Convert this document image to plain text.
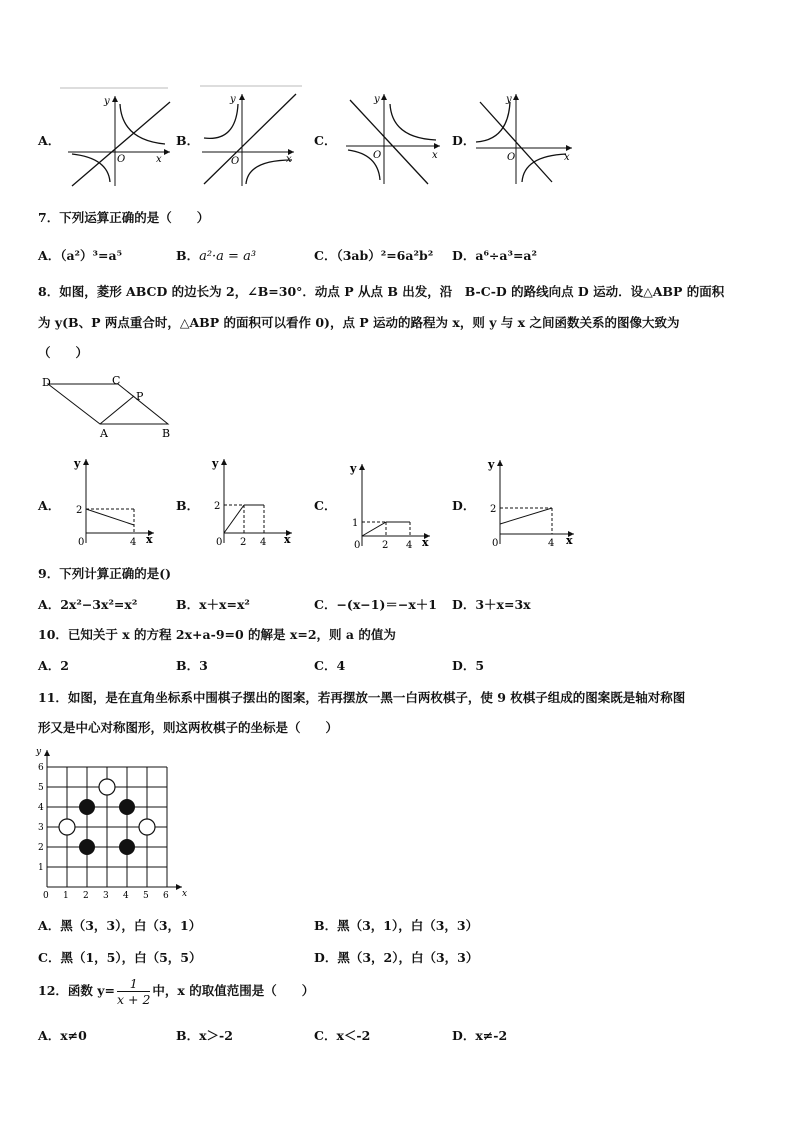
A．	B．	C．	D．
y
x
O
y
x
O
y
x
O
y
x
O
7．下列运算正确的是（　　）
A．（a²）³=a⁵	B．a²·a = a³	C．（3ab）²=6a²b² D．a⁶÷a³=a²
8．如图，菱形 ABCD 的边长为 2，∠B=30°．动点 P 从点 B 出发，沿　B-C-D 的路线向点 D 运动．设△ABP 的面积
为 y(B、P 两点重合时，△ABP 的面积可以看作 0)，点 P 运动的路程为 x，则 y 与 x 之间函数关系的图像大致为
（　　）
D	C
P
A	B
A．	B．	C．	D．
y
x
2
0	4
y
x
2
0 2 4
y
x
1
0 2 4
y
x
2
0	4
9．下列计算正确的是()
A．2x²−3x²=x²	B．x＋x=x²	C．−(x−1)＝−x＋1 D．3＋x=3x
10．已知关于 x 的方程 2x+a-9=0 的解是 x=2，则 a 的值为
A．2	B．3	C．4	D．5
11．如图，是在直角坐标系中围棋子摆出的图案，若再摆放一黑一白两枚棋子，使 9 枚棋子组成的图案既是轴对称图
形又是中心对称图形，则这两枚棋子的坐标是（　　）
y
x
0 1 2 3 4 5 6
1
2
3
4
5
6
A．黑（3，3），白（3，1）	B．黑（3，1），白（3，3）
C．黑（1，5），白（5，5）	D．黑（3，2），白（3，3）
12．函数 $y= \frac{1}{x + 2}$ 中，x 的取值范围是（　　）
A．x≠0	B．x＞-2	C．x＜-2	D．x≠-2
